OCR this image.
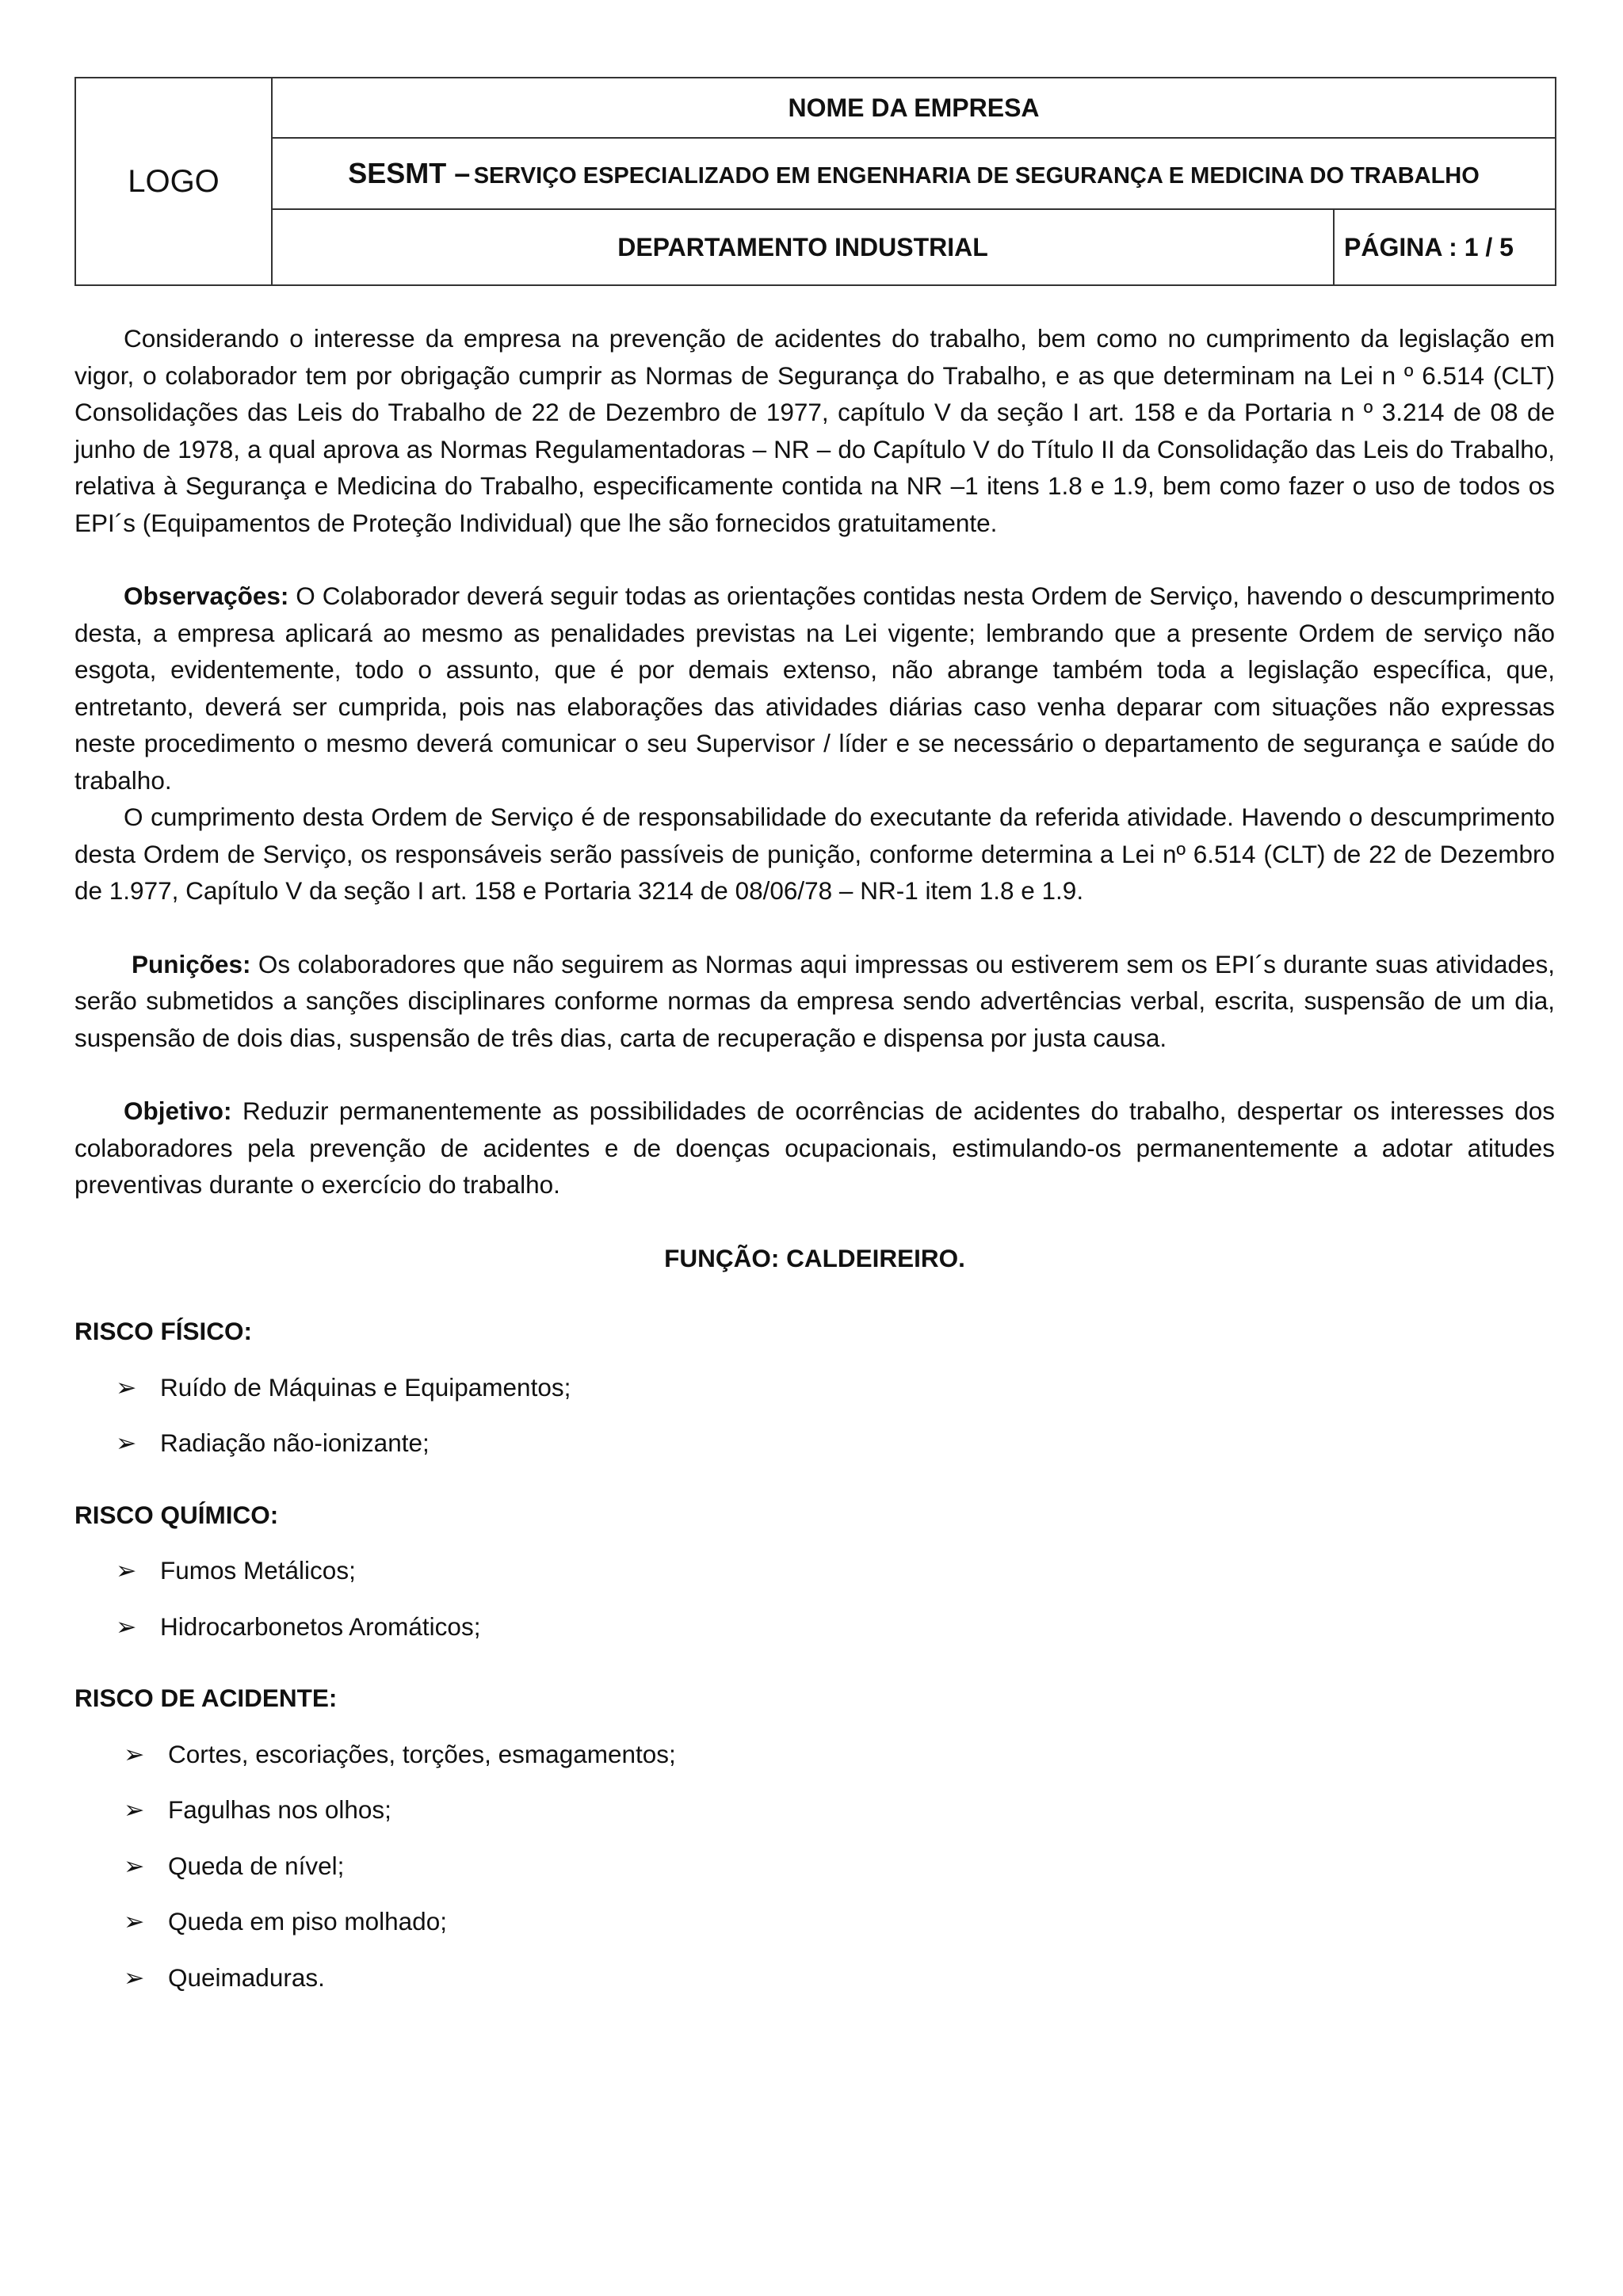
LOGO	NOME DA EMPRESA	
	SESMT – SERVIÇO ESPECIALIZADO EM ENGENHARIA DE SEGURANÇA E MEDICINA DO TRABALHO	
	DEPARTAMENTO INDUSTRIAL	PÁGINA : 1 / 5

Considerando o interesse da empresa na prevenção de acidentes do trabalho, bem como no cumprimento da legislação em vigor, o colaborador tem por obrigação cumprir as Normas de Segurança do Trabalho, e as que determinam na Lei n º 6.514 (CLT) Consolidações das Leis do Trabalho de 22 de Dezembro de 1977, capítulo V da seção I art. 158 e da Portaria n º 3.214 de 08 de junho de 1978, a qual aprova as Normas Regulamentadoras – NR – do Capítulo V do Título II da Consolidação das Leis do Trabalho, relativa à Segurança e Medicina do Trabalho, especificamente contida na NR –1 itens 1.8 e 1.9, bem como fazer o uso de todos os EPI´s (Equipamentos de Proteção Individual) que lhe são fornecidos gratuitamente.

Observações: O Colaborador deverá seguir todas as orientações contidas nesta Ordem de Serviço, havendo o descumprimento desta, a empresa aplicará ao mesmo as penalidades previstas na Lei vigente; lembrando que a presente Ordem de serviço não esgota, evidentemente, todo o assunto, que é por demais extenso, não abrange também toda a legislação específica, que, entretanto, deverá ser cumprida, pois nas elaborações das atividades diárias caso venha deparar com situações não expressas neste procedimento o mesmo deverá comunicar o seu Supervisor / líder e se necessário o departamento de segurança e saúde do trabalho.

O cumprimento desta Ordem de Serviço é de responsabilidade do executante da referida atividade. Havendo o descumprimento desta Ordem de Serviço, os responsáveis serão passíveis de punição, conforme determina a Lei nº 6.514 (CLT) de 22 de Dezembro de 1.977, Capítulo V da seção I art. 158 e Portaria 3214 de 08/06/78 – NR-1 item 1.8 e 1.9.

Punições: Os colaboradores que não seguirem as Normas aqui impressas ou estiverem sem os EPI´s durante suas atividades, serão submetidos a sanções disciplinares conforme normas da empresa sendo advertências verbal, escrita, suspensão de um dia, suspensão de dois dias, suspensão de três dias, carta de recuperação e dispensa por justa causa.

Objetivo: Reduzir permanentemente as possibilidades de ocorrências de acidentes do trabalho, despertar os interesses dos colaboradores pela prevenção de acidentes e de doenças ocupacionais, estimulando-os permanentemente a adotar atitudes preventivas durante o exercício do trabalho.

FUNÇÃO: CALDEIREIRO.

RISCO FÍSICO:

➢ Ruído de Máquinas e Equipamentos;
➢ Radiação não-ionizante;

RISCO QUÍMICO:

➢ Fumos Metálicos;
➢ Hidrocarbonetos Aromáticos;

RISCO DE ACIDENTE:

➢ Cortes, escoriações, torções, esmagamentos;
➢ Fagulhas nos olhos;
➢ Queda de nível;
➢ Queda em piso molhado;
➢ Queimaduras.
